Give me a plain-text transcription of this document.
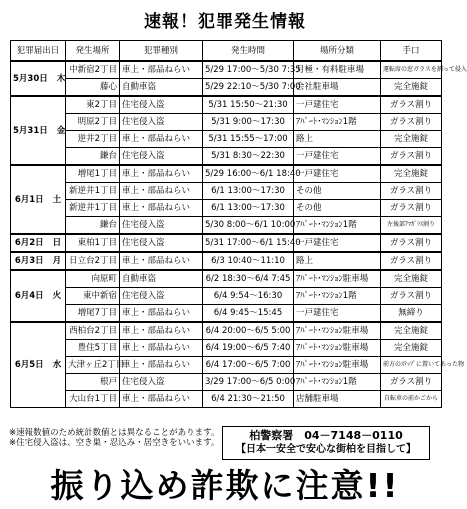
速報！犯罪発生情報
犯罪届出日	発生場所	犯罪種別	発生時間	場所分類	手口
5月30日 木	中新宿2丁目	車上・部品ねらい	5/29 17:00～5/30 7:35	月極・有料駐車場	運転席の窓ガラスを割って侵入
	藤心	自動車盗	5/29 22:10～5/30 7:00	会社駐車場	完全施錠
5月31日 金	東2丁目	住宅侵入盗	5/31 15:50～21:30	一戸建住宅	ガラス割り
	明原2丁目	住宅侵入盗	5/31 9:00～17:30	ｱﾊﾟｰﾄ･ﾏﾝｼｮﾝ1階	ガラス割り
	逆井2丁目	車上・部品ねらい	5/31 15:55～17:00	路上	完全施錠
	鎌台	住宅侵入盗	5/31 8:30～22:30	一戸建住宅	ガラス割り
6月1日 土	増尾1丁目	車上・部品ねらい	5/29 16:00～6/1 18:40	一戸建住宅	完全施錠
	新逆井1丁目	車上・部品ねらい	6/1 13:00～17:30	その他	ガラス割り
	新逆井1丁目	車上・部品ねらい	6/1 13:00～17:30	その他	ガラス割り
	鎌台	住宅侵入盗	5/30 8:00～6/1 10:00	ｱﾊﾟｰﾄ･ﾏﾝｼｮﾝ1階	左後部ｱﾏｶﾞﾗｽ割り
6月2日 日	東柏1丁目	住宅侵入盗	5/31 17:00～6/1 15:40	一戸建住宅	ガラス割り
6月3日 月	日立台2丁目	車上・部品ねらい	6/3 10:40～11:10	路上	ガラス割り
6月4日 火	向原町	自動車盗	6/2 18:30～6/4 7:45	ｱﾊﾟｰﾄ･ﾏﾝｼｮﾝ駐車場	完全施錠
	東中新宿	住宅侵入盗	6/4 9:54～16:30	ｱﾊﾟｰﾄ･ﾏﾝｼｮﾝ1階	ガラス割り
	増尾7丁目	車上・部品ねらい	6/4 9:45～15:45	一戸建住宅	無締り
6月5日 水	西柏台2丁目	車上・部品ねらい	6/4 20:00～6/5 5:00	ｱﾊﾟｰﾄ･ﾏﾝｼｮﾝ駐車場	完全施錠
	豊住5丁目	車上・部品ねらい	6/4 19:00～6/5 7:40	ｱﾊﾟｰﾄ･ﾏﾝｼｮﾝ駐車場	完全施錠
	大津ヶ丘2丁目	車上・部品ねらい	6/4 17:00～6/5 7:00	ｱﾊﾟｰﾄ･ﾏﾝｼｮﾝ駐車場	前方のｽﾃｯﾌﾟに置いてあった物
	根戸	住宅侵入盗	3/29 17:00～6/5 0:00	ｱﾊﾟｰﾄ･ﾏﾝｼｮﾝ1階	ガラス割り
	大山台1丁目	車上・部品ねらい	6/4 21:30～21:50	店舗駐車場	自転車の前かごから
※速報数値のため統計数値とは異なることがあります。
※住宅侵入盗は、空き巣・忍込み・居空きをいいます。
柏警察署　04－7148－0110
【日本一安全で安心な街柏を目指して】
振り込め詐欺に注意!!
